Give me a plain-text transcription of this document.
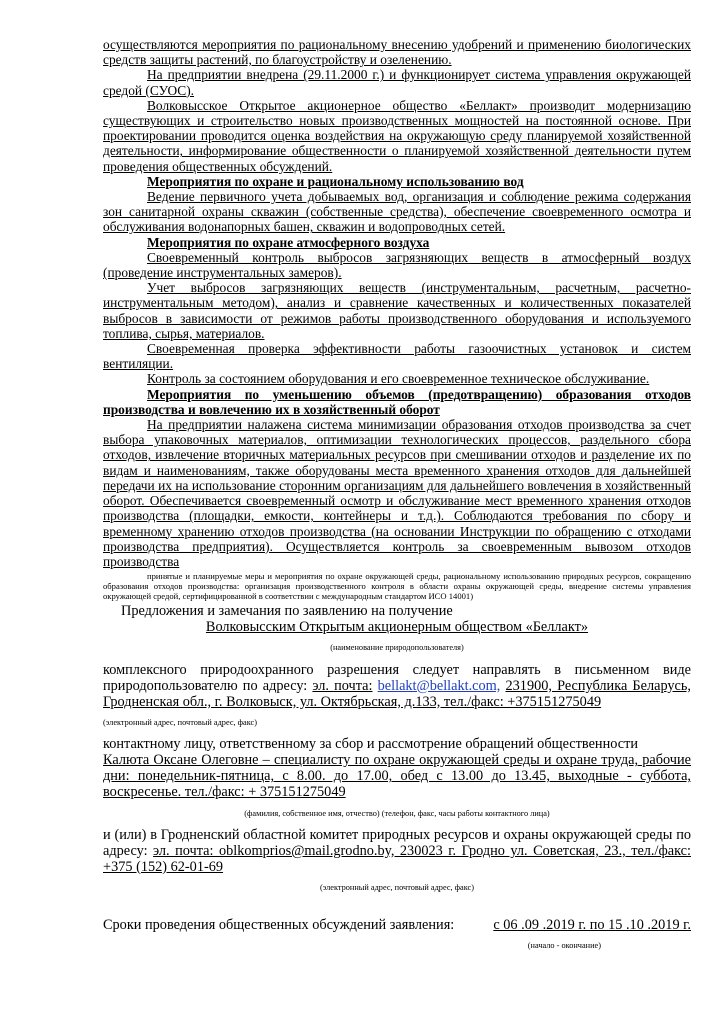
осуществляются мероприятия по рациональному внесению удобрений и применению биологических средств защиты растений, по благоустройству и озеленению.

На предприятии внедрена (29.11.2000 г.) и функционирует система управления окружающей средой (СУОС).

Волковысское Открытое акционерное общество «Беллакт» производит модернизацию существующих и строительство новых производственных мощностей на постоянной основе. При проектировании проводится оценка воздействия на окружающую среду планируемой хозяйственной деятельности, информирование общественности о планируемой хозяйственной деятельности путем проведения общественных обсуждений.

Мероприятия по охране и рациональному использованию вод

Ведение первичного учета добываемых вод, организация и соблюдение режима содержания зон санитарной охраны скважин (собственные средства), обеспечение своевременного осмотра и обслуживания водонапорных башен, скважин и водопроводных сетей.

Мероприятия по охране атмосферного воздуха

Своевременный контроль выбросов загрязняющих веществ в атмосферный воздух (проведение инструментальных замеров).

Учет выбросов загрязняющих веществ (инструментальным, расчетным, расчетно-инструментальным методом), анализ и сравнение качественных и количественных показателей выбросов в зависимости от режимов работы производственного оборудования и используемого топлива, сырья, материалов.

Своевременная проверка эффективности работы газоочистных установок и систем вентиляции.

Контроль за состоянием оборудования и его своевременное техническое обслуживание.

Мероприятия по уменьшению объемов (предотвращению) образования отходов производства и вовлечению их в хозяйственный оборот

На предприятии налажена система минимизации образования отходов производства за счет выбора упаковочных материалов, оптимизации технологических процессов, раздельного сбора отходов, извлечение вторичных материальных ресурсов при смешивании отходов и разделение их по видам и наименованиям, также оборудованы места временного хранения отходов для дальнейшей передачи их на использование сторонним организациям для дальнейшего вовлечения в хозяйственный оборот. Обеспечивается своевременный осмотр и обслуживание мест временного хранения отходов производства (площадки, емкости, контейнеры и т.д.). Соблюдаются требования по сбору и временному хранению отходов производства (на основании Инструкции по обращению с отходами производства предприятия). Осуществляется контроль за своевременным вывозом отходов производства

принятые и планируемые меры и мероприятия по охране окружающей среды, рациональному использованию природных ресурсов, сокращению образования отходов производства: организация производственного контроля в области охраны окружающей среды, внедрение системы управления окружающей средой, сертифицированной в соответствии с международным стандартом ИСО 14001)

Предложения и замечания по заявлению на получение

Волковысским Открытым акционерным обществом «Беллакт»

(наименование природопользователя)

комплексного природоохранного разрешения следует направлять в письменном виде природопользователю по адресу: эл. почта: bellakt@bellakt.com, 231900, Республика Беларусь, Гродненская обл., г. Волковыск, ул. Октябрьская, д.133, тел./факс: +375151275049

(электронный адрес, почтовый адрес, факс)

контактному лицу, ответственному за сбор и рассмотрение обращений общественности

Калюта Оксане Олеговне – специалисту по охране окружающей среды и охране труда, рабочие дни: понедельник-пятница, с 8.00. до 17.00, обед с 13.00 до 13.45, выходные - суббота, воскресенье. тел./факс: + 375151275049

(фамилия, собственное имя, отчество) (телефон, факс, часы работы контактного лица)

и (или) в Гродненский областной комитет природных ресурсов и охраны окружающей среды по адресу: эл. почта: oblkomprios@mail.grodno.by, 230023 г. Гродно ул. Советская, 23., тел./факс: +375 (152) 62-01-69

(электронный адрес, почтовый адрес, факс)

Сроки проведения общественных обсуждений заявления:	с 06 .09 .2019 г. по 15 .10 .2019 г.

(начало - окончание)
